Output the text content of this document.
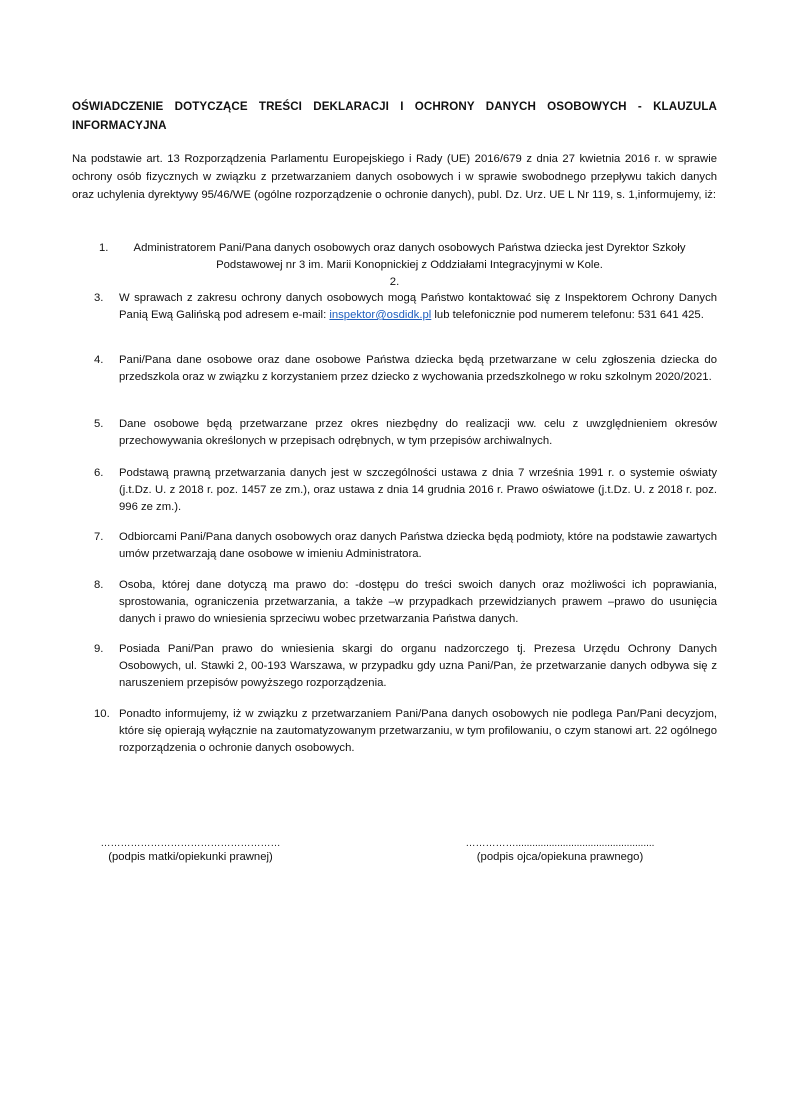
OŚWIADCZENIE DOTYCZĄCE TREŚCI DEKLARACJI I OCHRONY DANYCH OSOBOWYCH - KLAUZULA INFORMACYJNA
Na podstawie art. 13 Rozporządzenia Parlamentu Europejskiego i Rady (UE) 2016/679 z dnia 27 kwietnia 2016 r. w sprawie ochrony osób fizycznych w związku z przetwarzaniem danych osobowych i w sprawie swobodnego przepływu takich danych oraz uchylenia dyrektywy 95/46/WE (ogólne rozporządzenie o ochronie danych), publ. Dz. Urz. UE L Nr 119, s. 1,informujemy, iż:
1.	Administratorem Pani/Pana danych osobowych oraz danych osobowych Państwa dziecka jest Dyrektor Szkoły Podstawowej nr 3 im. Marii Konopnickiej z Oddziałami Integracyjnymi w Kole.
2.
3. W sprawach z zakresu ochrony danych osobowych mogą Państwo kontaktować się z Inspektorem Ochrony Danych Panią Ewą Galińską pod adresem e-mail: inspektor@osdidk.pl lub telefonicznie pod numerem telefonu: 531 641 425.
4. Pani/Pana dane osobowe oraz dane osobowe Państwa dziecka będą przetwarzane w celu zgłoszenia dziecka do przedszkola oraz w związku z korzystaniem przez dziecko z wychowania przedszkolnego w roku szkolnym 2020/2021.
5. Dane osobowe będą przetwarzane przez okres niezbędny do realizacji ww. celu z uwzględnieniem okresów przechowywania określonych w przepisach odrębnych, w tym przepisów archiwalnych.
6. Podstawą prawną przetwarzania danych jest w szczególności ustawa z dnia 7 września 1991 r. o systemie oświaty (j.t.Dz. U. z 2018 r. poz. 1457 ze zm.), oraz ustawa z dnia 14 grudnia 2016 r. Prawo oświatowe (j.t.Dz. U. z 2018 r. poz. 996 ze zm.).
7. Odbiorcami Pani/Pana danych osobowych oraz danych Państwa dziecka będą podmioty, które na podstawie zawartych umów przetwarzają dane osobowe w imieniu Administratora.
8. Osoba, której dane dotyczą ma prawo do: -dostępu do treści swoich danych oraz możliwości ich poprawiania, sprostowania, ograniczenia przetwarzania, a także –w przypadkach przewidzianych prawem –prawo do usunięcia danych i prawo do wniesienia sprzeciwu wobec przetwarzania Państwa danych.
9. Posiada Pani/Pan prawo do wniesienia skargi do organu nadzorczego tj. Prezesa Urzędu Ochrony Danych Osobowych, ul. Stawki 2, 00-193 Warszawa, w przypadku gdy uzna Pani/Pan, że przetwarzanie danych odbywa się z naruszeniem przepisów powyższego rozporządzenia.
10. Ponadto informujemy, iż w związku z przetwarzaniem Pani/Pana danych osobowych nie podlega Pan/Pani decyzjom, które się opierają wyłącznie na zautomatyzowanym przetwarzaniu, w tym profilowaniu, o czym stanowi art. 22 ogólnego rozporządzenia o ochronie danych osobowych.
………………………………………………
(podpis matki/opiekunki prawnej)
……………..................................................
(podpis ojca/opiekuna prawnego)
